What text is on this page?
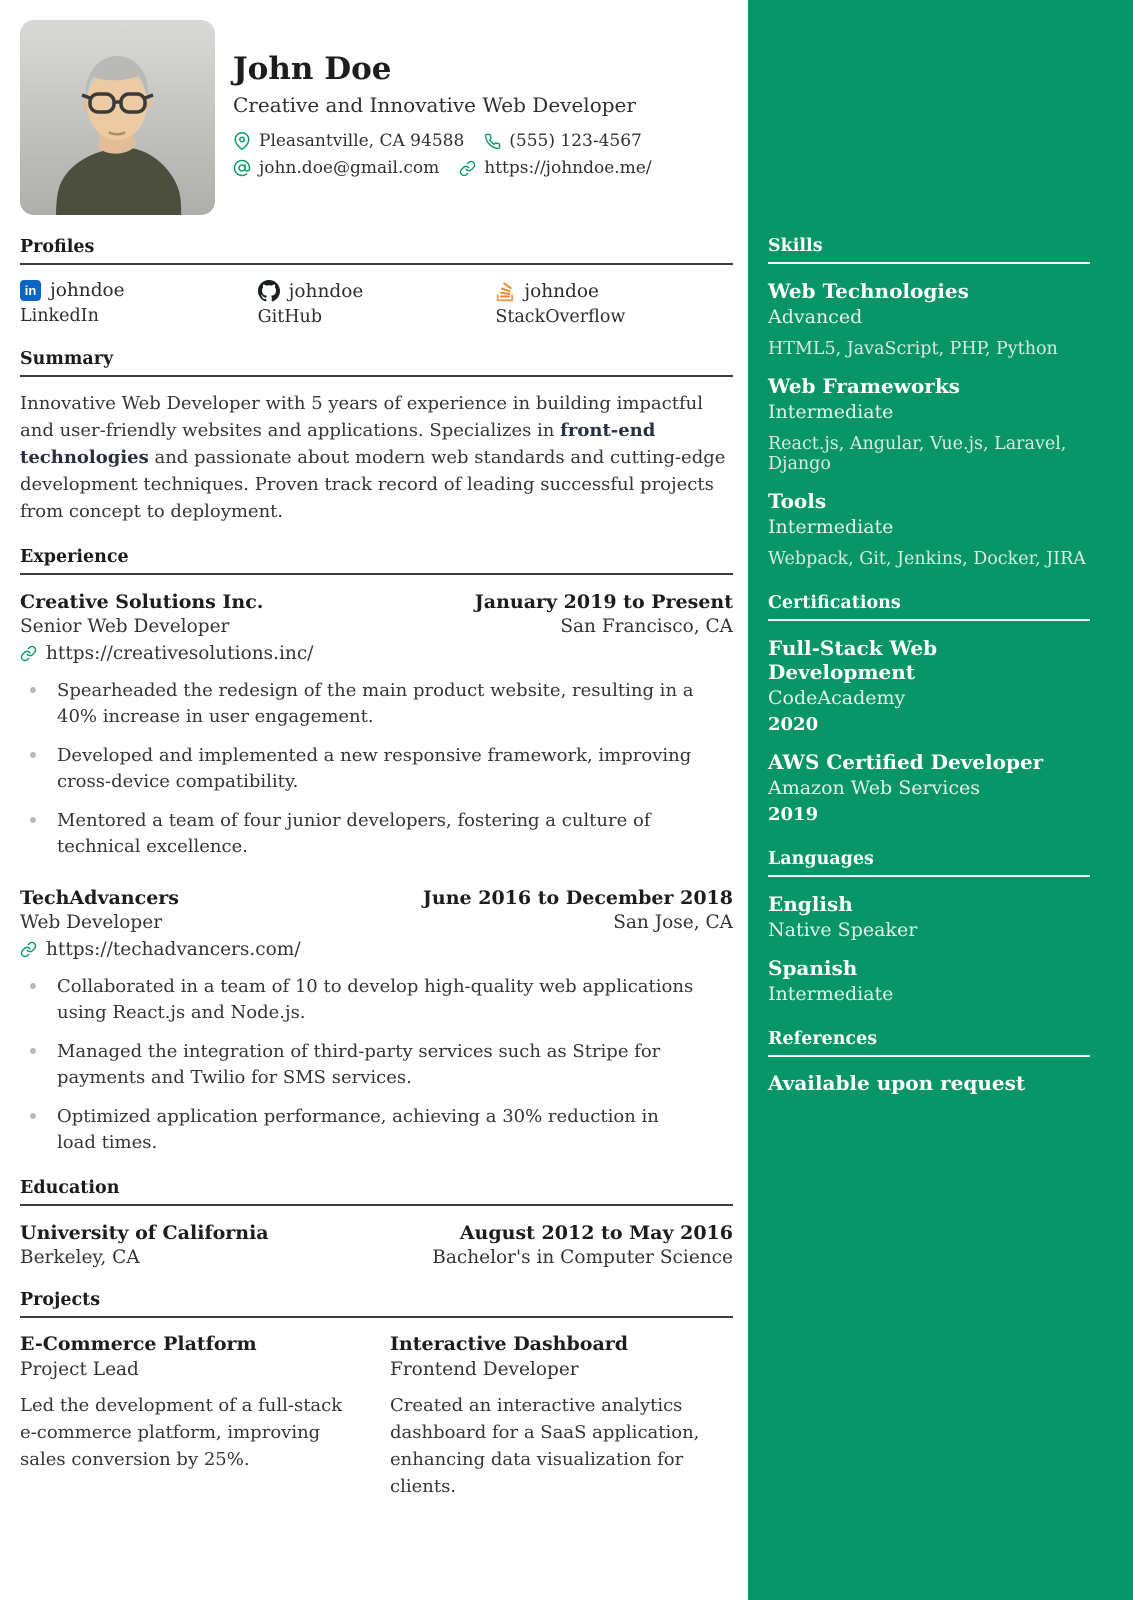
John Doe
Creative and Innovative Web Developer
Pleasantville, CA 94588	(555) 123-4567
john.doe@gmail.com	https://johndoe.me/
Profiles
in johndoe
LinkedIn
johndoe
GitHub
johndoe
StackOverflow
Summary
Innovative Web Developer with 5 years of experience in building impactful and user-friendly websites and applications. Specializes in front-end technologies and passionate about modern web standards and cutting-edge development techniques. Proven track record of leading successful projects from concept to deployment.
Experience
Creative Solutions Inc.	January 2019 to Present
Senior Web Developer	San Francisco, CA
https://creativesolutions.inc/
Spearheaded the redesign of the main product website, resulting in a 40% increase in user engagement.
Developed and implemented a new responsive framework, improving cross-device compatibility.
Mentored a team of four junior developers, fostering a culture of technical excellence.
TechAdvancers	June 2016 to December 2018
Web Developer	San Jose, CA
https://techadvancers.com/
Collaborated in a team of 10 to develop high-quality web applications using React.js and Node.js.
Managed the integration of third-party services such as Stripe for payments and Twilio for SMS services.
Optimized application performance, achieving a 30% reduction in load times.
Education
University of California	August 2012 to May 2016
Berkeley, CA	Bachelor's in Computer Science
Projects
E-Commerce Platform
Project Lead
Led the development of a full-stack e-commerce platform, improving sales conversion by 25%.
Interactive Dashboard
Frontend Developer
Created an interactive analytics dashboard for a SaaS application, enhancing data visualization for clients.
Skills
Web Technologies
Advanced
HTML5, JavaScript, PHP, Python
Web Frameworks
Intermediate
React.js, Angular, Vue.js, Laravel, Django
Tools
Intermediate
Webpack, Git, Jenkins, Docker, JIRA
Certifications
Full-Stack Web Development
CodeAcademy
2020
AWS Certified Developer
Amazon Web Services
2019
Languages
English
Native Speaker
Spanish
Intermediate
References
Available upon request
